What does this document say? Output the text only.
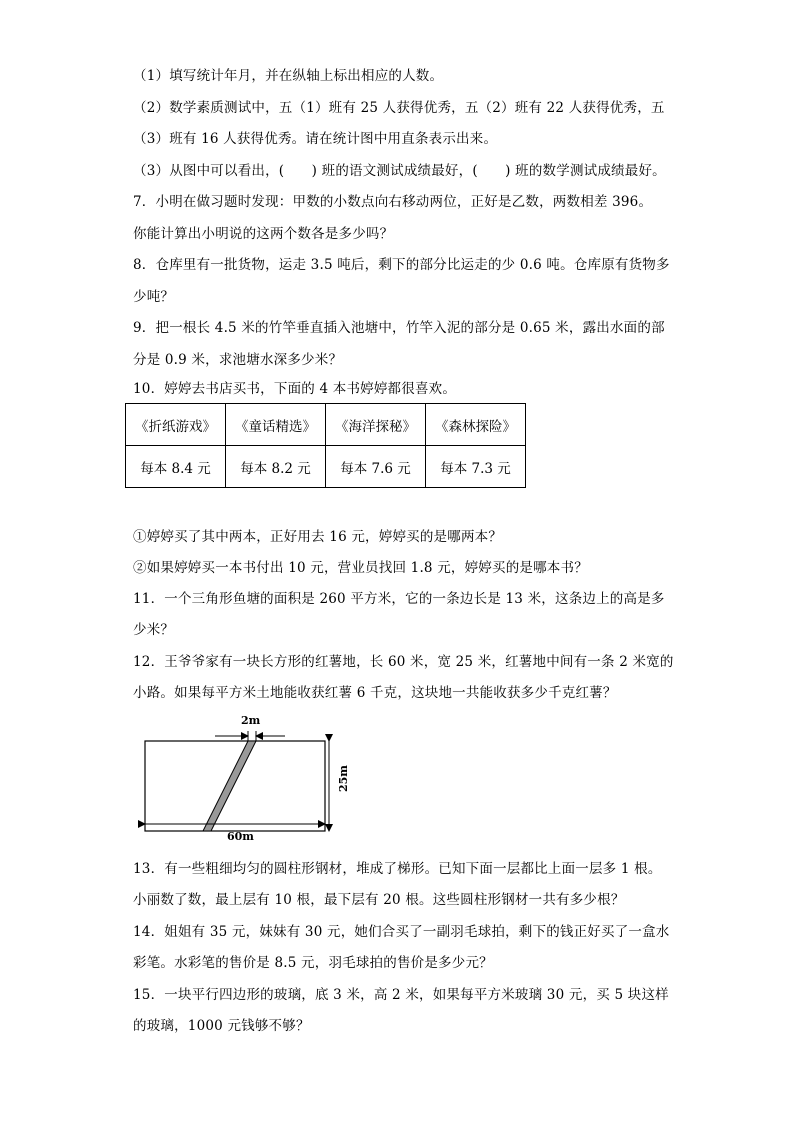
（1）填写统计年月，并在纵轴上标出相应的人数。
（2）数学素质测试中，五（1）班有 25 人获得优秀，五（2）班有 22 人获得优秀，五
（3）班有 16 人获得优秀。请在统计图中用直条表示出来。
（3）从图中可以看出，(　　) 班的语文测试成绩最好，(　　) 班的数学测试成绩最好。
7．小明在做习题时发现：甲数的小数点向右移动两位，正好是乙数，两数相差 396。
你能计算出小明说的这两个数各是多少吗？
8．仓库里有一批货物，运走 3.5 吨后，剩下的部分比运走的少 0.6 吨。仓库原有货物多
少吨？
9．把一根长 4.5 米的竹竿垂直插入池塘中，竹竿入泥的部分是 0.65 米，露出水面的部
分是 0.9 米，求池塘水深多少米？
10．婷婷去书店买书，下面的 4 本书婷婷都很喜欢。
《折纸游戏》	《童话精选》	《海洋探秘》	《森林探险》
每本 8.4 元	每本 8.2 元	每本 7.6 元	每本 7.3 元
①婷婷买了其中两本，正好用去 16 元，婷婷买的是哪两本？
②如果婷婷买一本书付出 10 元，营业员找回 1.8 元，婷婷买的是哪本书？
11．一个三角形鱼塘的面积是 260 平方米，它的一条边长是 13 米，这条边上的高是多
少米？
12．王爷爷家有一块长方形的红薯地，长 60 米，宽 25 米，红薯地中间有一条 2 米宽的
小路。如果每平方米土地能收获红薯 6 千克，这块地一共能收获多少千克红薯？
2m
25m
60m
13．有一些粗细均匀的圆柱形钢材，堆成了梯形。已知下面一层都比上面一层多 1 根。
小丽数了数，最上层有 10 根，最下层有 20 根。这些圆柱形钢材一共有多少根？
14．姐姐有 35 元，妹妹有 30 元，她们合买了一副羽毛球拍，剩下的钱正好买了一盒水
彩笔。水彩笔的售价是 8.5 元，羽毛球拍的售价是多少元？
15．一块平行四边形的玻璃，底 3 米，高 2 米，如果每平方米玻璃 30 元，买 5 块这样
的玻璃，1000 元钱够不够？
